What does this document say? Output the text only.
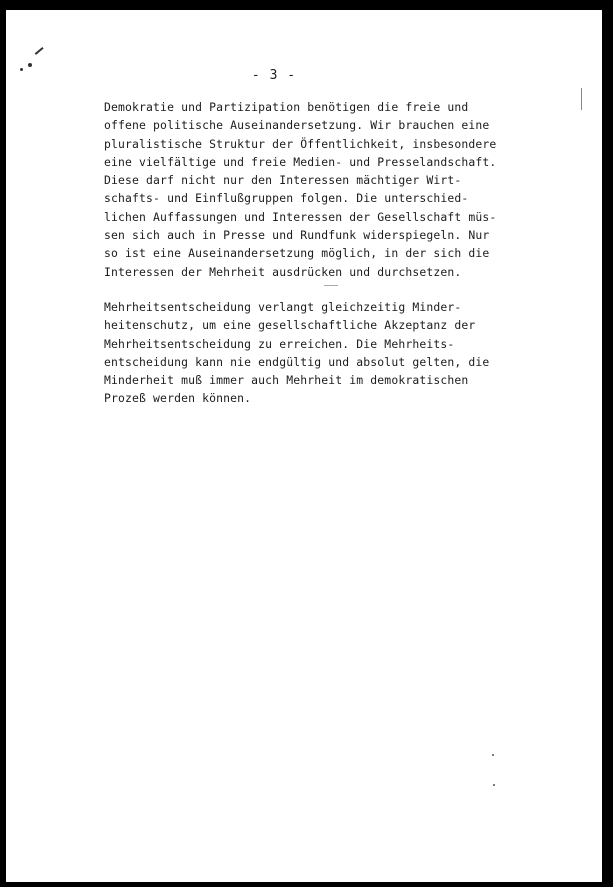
- 3 -

Demokratie und Partizipation benötigen die freie und
offene politische Auseinandersetzung. Wir brauchen eine
pluralistische Struktur der Öffentlichkeit, insbesondere
eine vielfältige und freie Medien- und Presselandschaft.
Diese darf nicht nur den Interessen mächtiger Wirt-
schafts- und Einflußgruppen folgen. Die unterschied-
lichen Auffassungen und Interessen der Gesellschaft müs-
sen sich auch in Presse und Rundfunk widerspiegeln. Nur
so ist eine Auseinandersetzung möglich, in der sich die
Interessen der Mehrheit ausdrücken und durchsetzen.

Mehrheitsentscheidung verlangt gleichzeitig Minder-
heitenschutz, um eine gesellschaftliche Akzeptanz der
Mehrheitsentscheidung zu erreichen. Die Mehrheits-
entscheidung kann nie endgültig und absolut gelten, die
Minderheit muß immer auch Mehrheit im demokratischen
Prozeß werden können.
